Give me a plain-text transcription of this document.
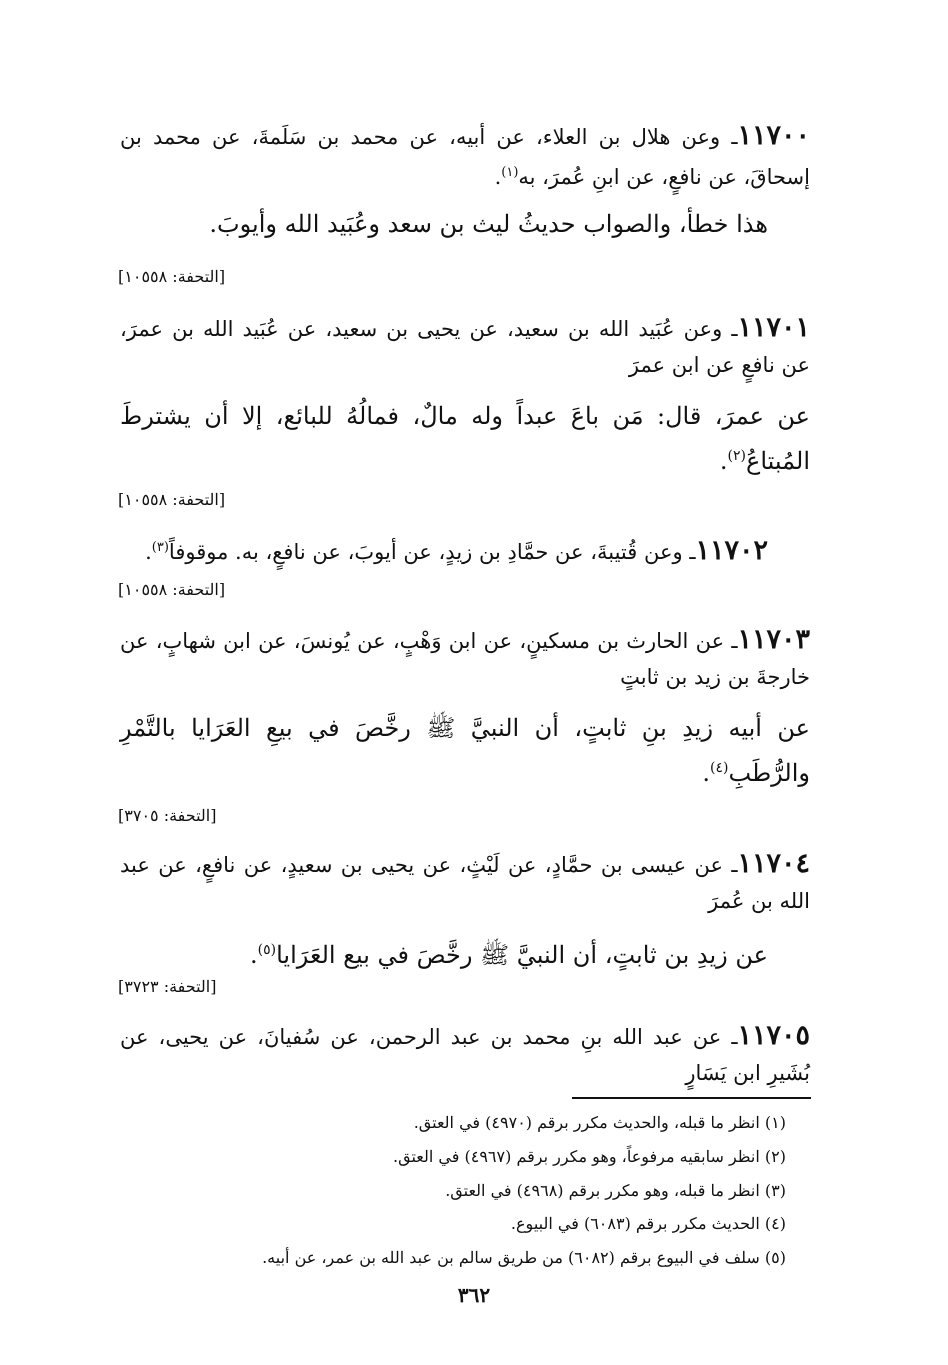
١١٧٠٠ـ وعن هلال بن العلاء، عن أبيه، عن محمد بن سَلَمةَ، عن محمد بن إسحاقَ، عن نافعٍ، عن ابنِ عُمرَ، به$^{(١)}$.
هذا خطأ، والصواب حديثُ ليث بن سعد وعُبَيد الله وأيوبَ.
[التحفة: ١٠٥٥٨]
١١٧٠١ـ وعن عُبَيد الله بن سعيد، عن يحيى بن سعيد، عن عُبَيد الله بن عمرَ، عن نافعٍ عن ابن عمرَ
عن عمرَ، قال: مَن باعَ عبداً وله مالٌ، فمالُهُ للبائع، إلا أن يشترطَ المُبتاعُ$^{(٢)}$.
[التحفة: ١٠٥٥٨]
١١٧٠٢ـ وعن قُتيبةَ، عن حمَّادِ بن زيدٍ، عن أيوبَ، عن نافعٍ، به. موقوفاً$^{(٣)}$.
[التحفة: ١٠٥٥٨]
١١٧٠٣ـ عن الحارث بن مسكينٍ، عن ابن وَهْبٍ، عن يُونسَ، عن ابن شهابٍ، عن خارجةَ بن زيد بن ثابتٍ
عن أبيه زيدِ بنِ ثابتٍ، أن النبيَّ ﷺ رخَّصَ في بيعِ العَرَايا بالتَّمْرِ والرُّطَبِ$^{(٤)}$.
[التحفة: ٣٧٠٥]
١١٧٠٤ـ عن عيسى بن حمَّادٍ، عن لَيْثٍ، عن يحيى بن سعيدٍ، عن نافعٍ، عن عبد الله بن عُمرَ
عن زيدِ بن ثابتٍ، أن النبيَّ ﷺ رخَّصَ في بيع العَرَايا$^{(٥)}$.
[التحفة: ٣٧٢٣]
١١٧٠٥ـ عن عبد الله بنِ محمد بن عبد الرحمن، عن سُفيانَ، عن يحيى، عن بُشَيرِ ابن يَسَارٍ
(١) انظر ما قبله، والحديث مكرر برقم (٤٩٧٠) في العتق.
(٢) انظر سابقيه مرفوعاً، وهو مكرر برقم (٤٩٦٧) في العتق.
(٣) انظر ما قبله، وهو مكرر برقم (٤٩٦٨) في العتق.
(٤) الحديث مكرر برقم (٦٠٨٣) في البيوع.
(٥) سلف في البيوع برقم (٦٠٨٢) من طريق سالم بن عبد الله بن عمر، عن أبيه.
٣٦٢
